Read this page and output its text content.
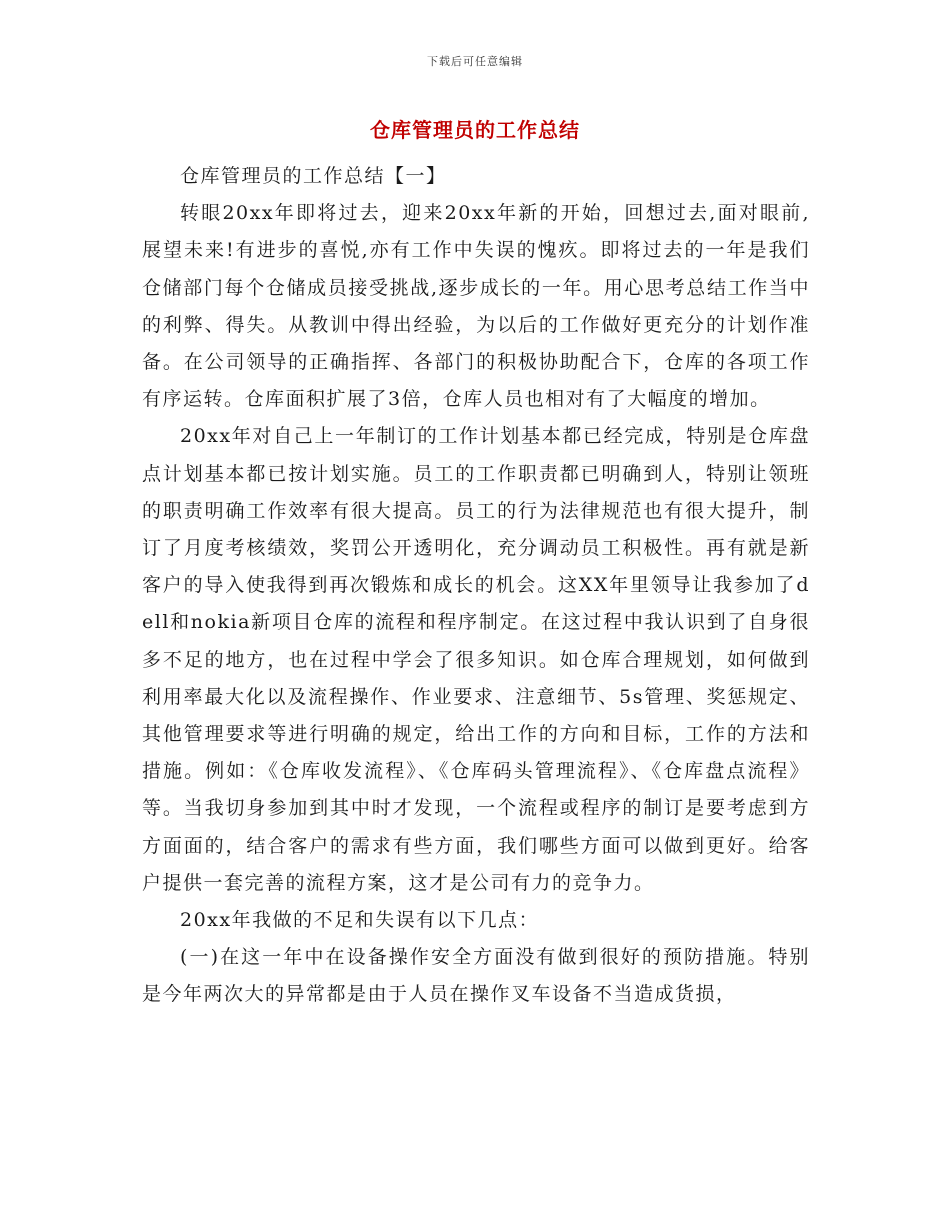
下载后可任意编辑
仓库管理员的工作总结

仓库管理员的工作总结【一】

转眼20xx年即将过去，迎来20xx年新的开始，回想过去,面对眼前,展望未来!有进步的喜悦,亦有工作中失误的愧疚。即将过去的一年是我们仓储部门每个仓储成员接受挑战,逐步成长的一年。用心思考总结工作当中的利弊、得失。从教训中得出经验，为以后的工作做好更充分的计划作准备。在公司领导的正确指挥、各部门的积极协助配合下，仓库的各项工作有序运转。仓库面积扩展了3倍，仓库人员也相对有了大幅度的增加。

20xx年对自己上一年制订的工作计划基本都已经完成，特别是仓库盘点计划基本都已按计划实施。员工的工作职责都已明确到人，特别让领班的职责明确工作效率有很大提高。员工的行为法律规范也有很大提升，制订了月度考核绩效，奖罚公开透明化，充分调动员工积极性。再有就是新客户的导入使我得到再次锻炼和成长的机会。这XX年里领导让我参加了dell和nokia新项目仓库的流程和程序制定。在这过程中我认识到了自身很多不足的地方，也在过程中学会了很多知识。如仓库合理规划，如何做到利用率最大化以及流程操作、作业要求、注意细节、5s管理、奖惩规定、其他管理要求等进行明确的规定，给出工作的方向和目标，工作的方法和措施。例如：《仓库收发流程》、《仓库码头管理流程》、《仓库盘点流程》等。当我切身参加到其中时才发现，一个流程或程序的制订是要考虑到方方面面的，结合客户的需求有些方面，我们哪些方面可以做到更好。给客户提供一套完善的流程方案，这才是公司有力的竞争力。

20xx年我做的不足和失误有以下几点：

(一)在这一年中在设备操作安全方面没有做到很好的预防措施。特别是今年两次大的异常都是由于人员在操作叉车设备不当造成货损，
